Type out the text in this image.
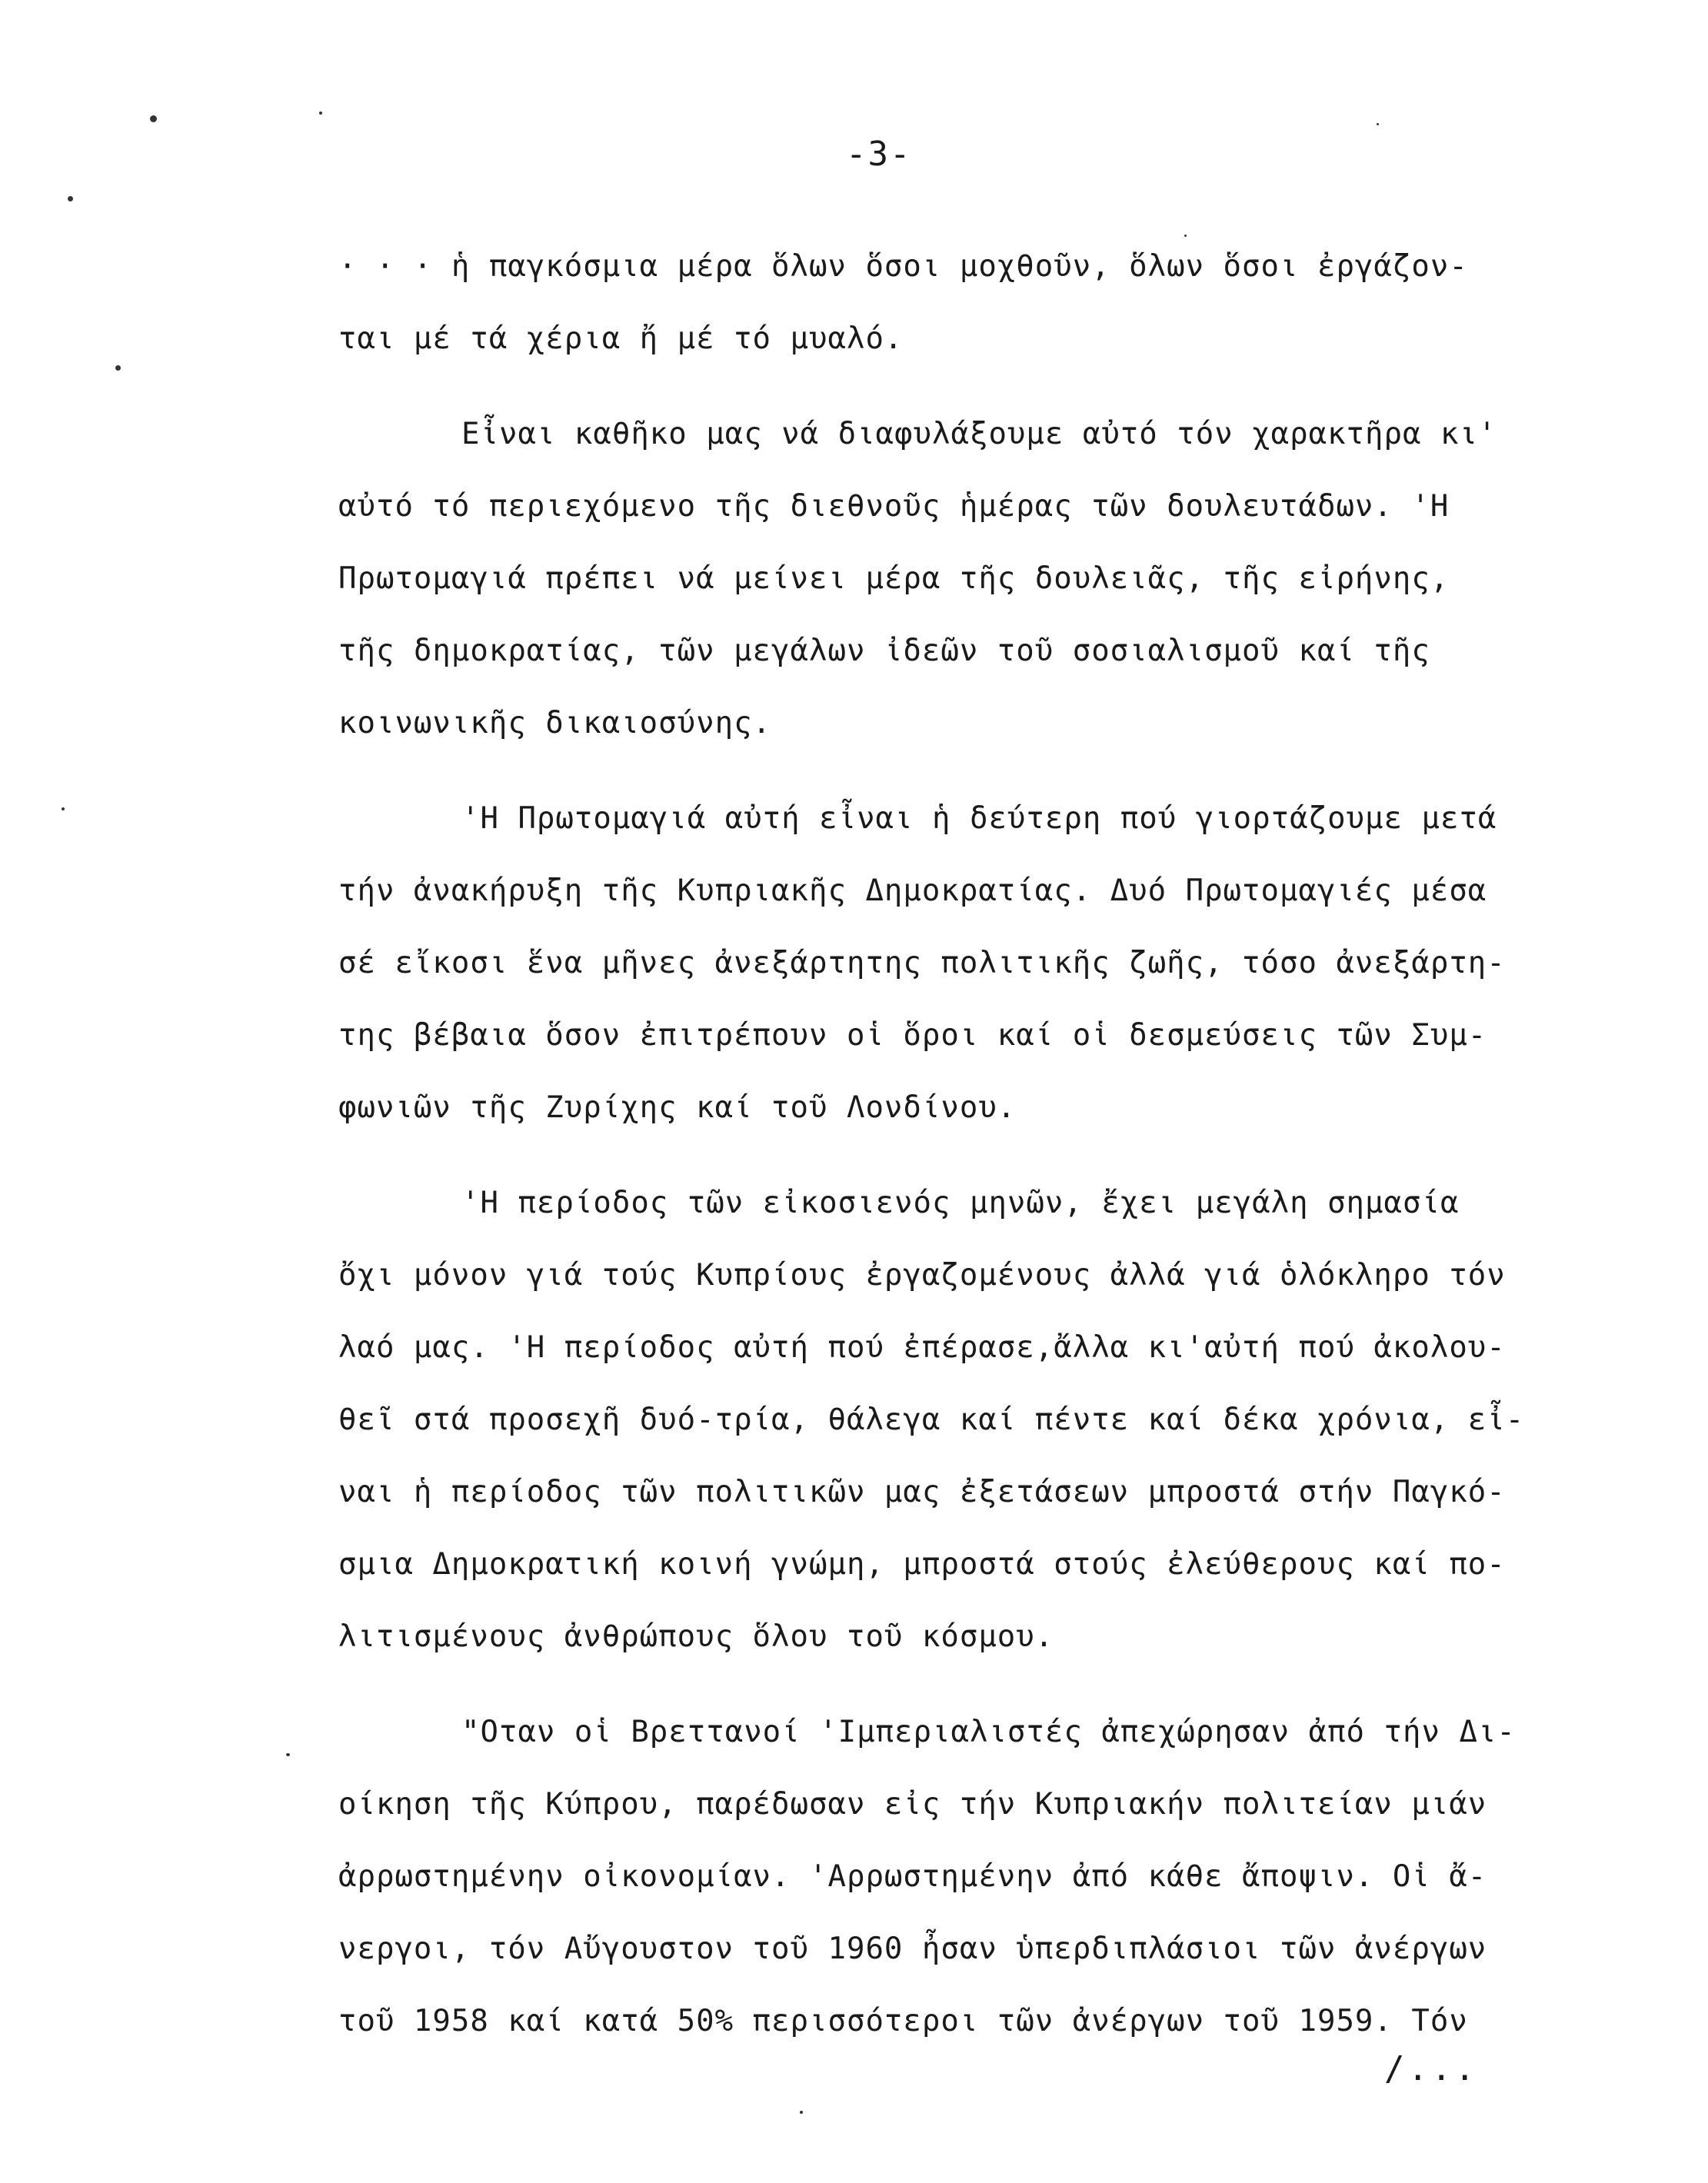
-3-
· · · ἡ παγκόσμια μέρα ὅλων ὅσοι μοχθοῦν, ὅλων ὅσοι ἐργάζον-
ται μέ τά χέρια ἤ μέ τό μυαλό.
Εἶναι καθῆκο μας νά διαφυλάξουμε αὐτό τόν χαρακτῆρα κι'
αὐτό τό περιεχόμενο τῆς διεθνοῦς ἡμέρας τῶν δουλευτάδων. 'Η
Πρωτομαγιά πρέπει νά μείνει μέρα τῆς δουλειᾶς, τῆς εἰρήνης,
τῆς δημοκρατίας, τῶν μεγάλων ἰδεῶν τοῦ σοσιαλισμοῦ καί τῆς
κοινωνικῆς δικαιοσύνης.
'Η Πρωτομαγιά αὐτή εἶναι ἡ δεύτερη πού γιορτάζουμε μετά
τήν ἀνακήρυξη τῆς Κυπριακῆς Δημοκρατίας. Δυό Πρωτομαγιές μέσα
σέ εἴκοσι ἕνα μῆνες ἀνεξάρτητης πολιτικῆς ζωῆς, τόσο ἀνεξάρτη-
της βέβαια ὅσον ἐπιτρέπουν οἱ ὅροι καί οἱ δεσμεύσεις τῶν Συμ-
φωνιῶν τῆς Ζυρίχης καί τοῦ Λονδίνου.
'Η περίοδος τῶν εἰκοσιενός μηνῶν, ἔχει μεγάλη σημασία
ὄχι μόνον γιά τούς Κυπρίους ἐργαζομένους ἀλλά γιά ὁλόκληρο τόν
λαό μας. 'Η περίοδος αὐτή πού ἐπέρασε,ἄλλα κι'αὐτή πού ἀκολου-
θεῖ στά προσεχῆ δυό-τρία, θάλεγα καί πέντε καί δέκα χρόνια, εἶ-
ναι ἡ περίοδος τῶν πολιτικῶν μας ἐξετάσεων μπροστά στήν Παγκό-
σμια Δημοκρατική κοινή γνώμη, μπροστά στούς ἐλεύθερους καί πο-
λιτισμένους ἀνθρώπους ὅλου τοῦ κόσμου.
"Οταν οἱ Βρεττανοί 'Ιμπεριαλιστές ἀπεχώρησαν ἀπό τήν Δι-
οίκηση τῆς Κύπρου, παρέδωσαν εἰς τήν Κυπριακήν πολιτείαν μιάν
ἀρρωστημένην οἰκονομίαν. 'Αρρωστημένην ἀπό κάθε ἄποψιν. Οἱ ἄ-
νεργοι, τόν Αὔγουστον τοῦ 1960 ἦσαν ὑπερδιπλάσιοι τῶν ἀνέργων
τοῦ 1958 καί κατά 50% περισσότεροι τῶν ἀνέργων τοῦ 1959. Τόν
/...
